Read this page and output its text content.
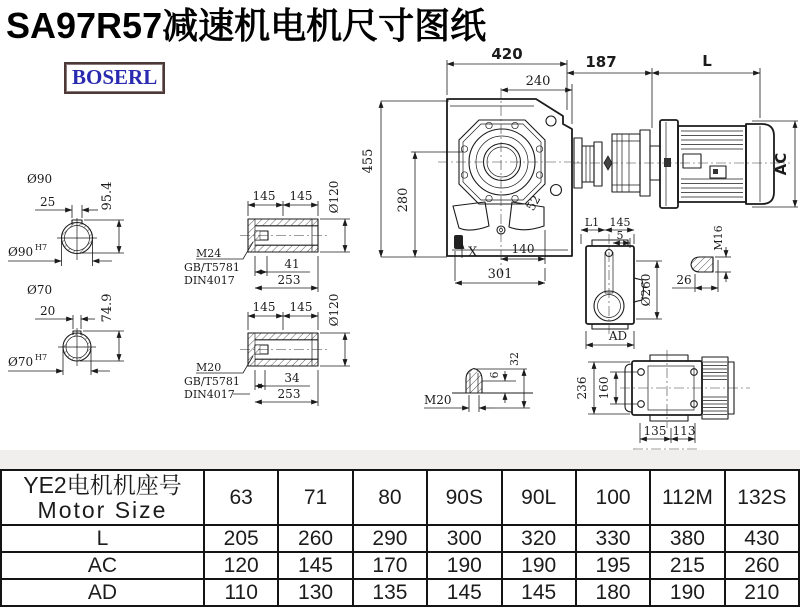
Ø90
25	95.4
Ø90 H7
Ø70
20	74.9
Ø70 H7
145 145 Ø120
M24
GB/T5781
DIN4017
41
253
145 145 Ø120
M20
GB/T5781
DIN4017
34
253
420
240
455
280	52
140
301
X
187	L
AC
L1 145
5
Ø260
AD
26
M16
M20
6
32
236 160
135 113
SA97R57减速机电机尺寸图纸
BOSERL
YE2电机机座号
Motor Size	63	71	80	90S	90L	100	112M	132S
L	205	260	290	300	320	330	380	430
AC	120	145	170	190	190	195	215	260
AD	110	130	135	145	145	180	190	210
